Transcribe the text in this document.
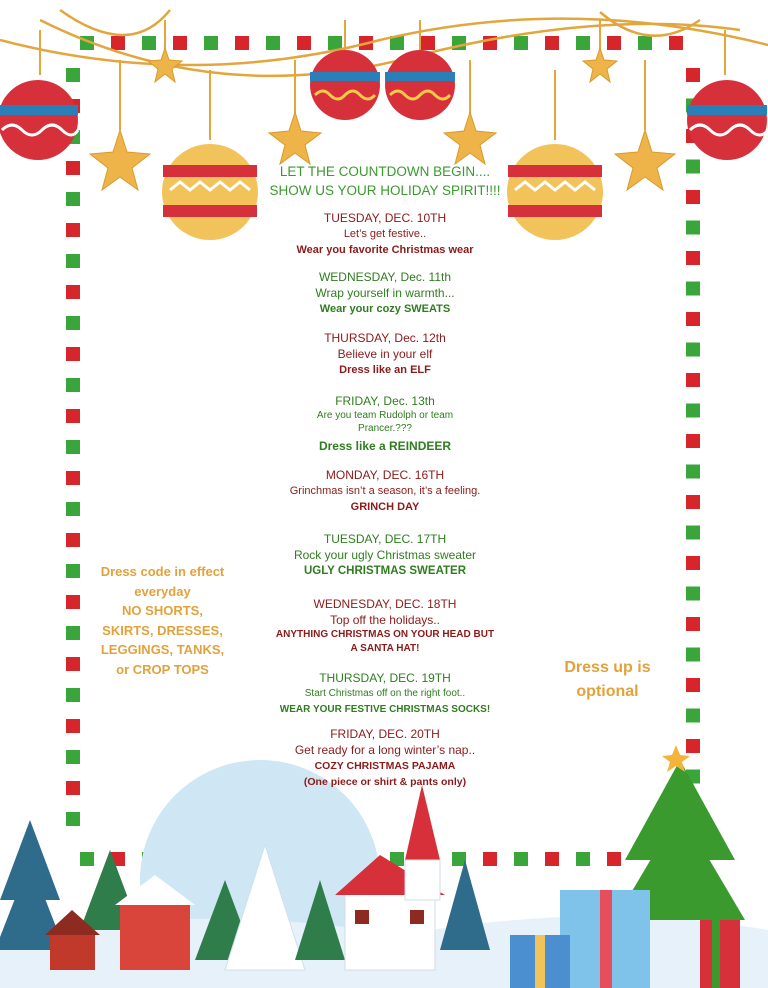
LET THE COUNTDOWN BEGIN....
SHOW US YOUR HOLIDAY SPIRIT!!!!
TUESDAY, DEC. 10TH
Let’s get festive..
Wear you favorite Christmas wear
WEDNESDAY, Dec. 11th
Wrap yourself in warmth...
Wear your cozy SWEATS
THURSDAY, Dec. 12th
Believe in your elf
Dress like an ELF
FRIDAY, Dec. 13th
Are you team Rudolph or team Prancer.???
Dress like a REINDEER
MONDAY, DEC. 16TH
Grinchmas isn’t a season, it’s a feeling.
GRINCH DAY
TUESDAY, DEC. 17TH
Rock your ugly Christmas sweater
UGLY CHRISTMAS SWEATER
WEDNESDAY, DEC. 18TH
Top off the holidays..
ANYTHING CHRISTMAS ON YOUR HEAD BUT A SANTA HAT!
THURSDAY, DEC. 19TH
Start Christmas off on the right foot..
WEAR YOUR FESTIVE CHRISTMAS SOCKS!
FRIDAY, DEC. 20TH
Get ready for a long winter’s nap..
COZY CHRISTMAS PAJAMA
(One piece or shirt & pants only)
Dress code in effect
everyday
NO SHORTS,
SKIRTS, DRESSES,
LEGGINGS, TANKS,
or CROP TOPS	Dress up is
optional
